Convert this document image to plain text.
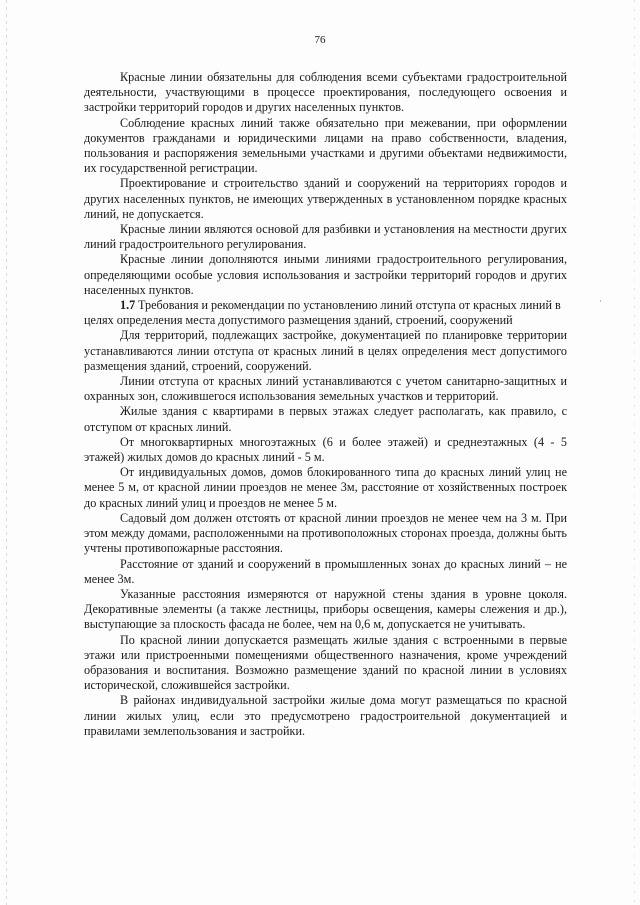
·
76

Красные линии обязательны для соблюдения всеми субъектами градостроительной деятельности, участвующими в процессе проектирования, последующего освоения и застройки территорий городов и других населенных пунктов.

Соблюдение красных линий также обязательно при межевании, при оформлении документов гражданами и юридическими лицами на право собственности, владения, пользования и распоряжения земельными участками и другими объектами недвижимости, их государственной регистрации.

Проектирование и строительство зданий и сооружений на территориях городов и других населенных пунктов, не имеющих утвержденных в установленном порядке красных линий, не допускается.

Красные линии являются основой для разбивки и установления на местности других линий градостроительного регулирования.

Красные линии дополняются иными линиями градостроительного регулирования, определяющими особые условия использования и застройки территорий городов и других населенных пунктов.

1.7 Требования и рекомендации по установлению линий отступа от красных линий в целях определения места допустимого размещения зданий, строений, сооружений

Для территорий, подлежащих застройке, документацией по планировке территории устанавливаются линии отступа от красных линий в целях определения мест допустимого размещения зданий, строений, сооружений.

Линии отступа от красных линий устанавливаются с учетом санитарно-защитных и охранных зон, сложившегося использования земельных участков и территорий.

Жилые здания с квартирами в первых этажах следует располагать, как правило, с отступом от красных линий.

От многоквартирных многоэтажных (6 и более этажей) и среднеэтажных (4 - 5 этажей) жилых домов до красных линий - 5 м.

От индивидуальных домов, домов блокированного типа до красных линий улиц не менее 5 м, от красной линии проездов не менее 3м, расстояние от хозяйственных построек до красных линий улиц и проездов не менее 5 м.

Садовый дом должен отстоять от красной линии проездов не менее чем на 3 м. При этом между домами, расположенными на противоположных сторонах проезда, должны быть учтены противопожарные расстояния.

Расстояние от зданий и сооружений в промышленных зонах до красных линий – не менее 3м.

Указанные расстояния измеряются от наружной стены здания в уровне цоколя. Декоративные элементы (а также лестницы, приборы освещения, камеры слежения и др.), выступающие за плоскость фасада не более, чем на 0,6 м, допускается не учитывать.

По красной линии допускается размещать жилые здания с встроенными в первые этажи или пристроенными помещениями общественного назначения, кроме учреждений образования и воспитания. Возможно размещение зданий по красной линии в условиях исторической, сложившейся застройки.

В районах индивидуальной застройки жилые дома могут размещаться по красной линии жилых улиц, если это предусмотрено градостроительной документацией и правилами землепользования и застройки.
